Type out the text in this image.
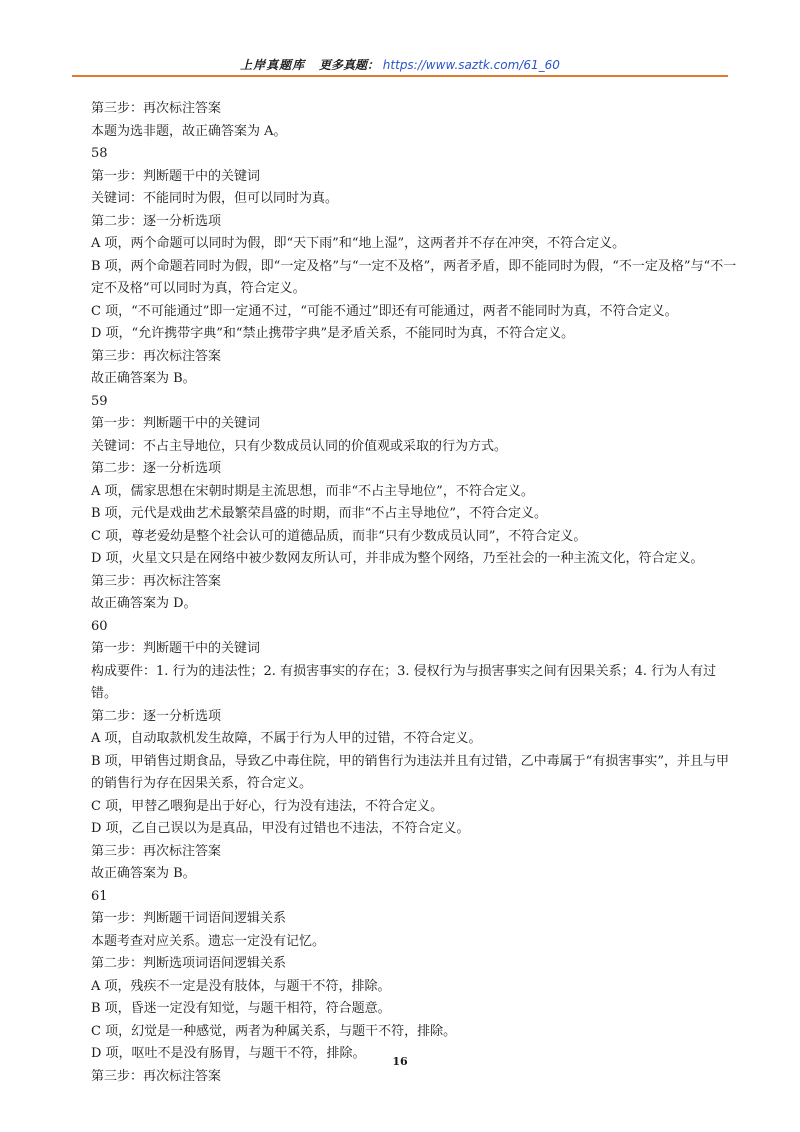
上岸真题库 更多真题： https://www.saztk.com/61_60
第三步：再次标注答案
本题为选非题，故正确答案为 A。
58
第一步：判断题干中的关键词
关键词：不能同时为假，但可以同时为真。
第二步：逐一分析选项
A 项，两个命题可以同时为假，即“天下雨”和“地上湿”，这两者并不存在冲突，不符合定义。
B 项，两个命题若同时为假，即“一定及格”与“一定不及格”，两者矛盾，即不能同时为假，“不一定及格”与“不一定不及格”可以同时为真，符合定义。
C 项，“不可能通过”即一定通不过，“可能不通过”即还有可能通过，两者不能同时为真，不符合定义。
D 项，“允许携带字典”和“禁止携带字典”是矛盾关系，不能同时为真，不符合定义。
第三步：再次标注答案
故正确答案为 B。
59
第一步：判断题干中的关键词
关键词：不占主导地位，只有少数成员认同的价值观或采取的行为方式。
第二步：逐一分析选项
A 项，儒家思想在宋朝时期是主流思想，而非“不占主导地位”，不符合定义。
B 项，元代是戏曲艺术最繁荣昌盛的时期，而非“不占主导地位”，不符合定义。
C 项，尊老爱幼是整个社会认可的道德品质，而非“只有少数成员认同”，不符合定义。
D 项，火星文只是在网络中被少数网友所认可，并非成为整个网络，乃至社会的一种主流文化，符合定义。
第三步：再次标注答案
故正确答案为 D。
60
第一步：判断题干中的关键词
构成要件：1. 行为的违法性；2. 有损害事实的存在；3. 侵权行为与损害事实之间有因果关系；4. 行为人有过错。
第二步：逐一分析选项
A 项，自动取款机发生故障，不属于行为人甲的过错，不符合定义。
B 项，甲销售过期食品，导致乙中毒住院，甲的销售行为违法并且有过错，乙中毒属于“有损害事实”，并且与甲的销售行为存在因果关系，符合定义。
C 项，甲替乙喂狗是出于好心，行为没有违法，不符合定义。
D 项，乙自己误以为是真品，甲没有过错也不违法，不符合定义。
第三步：再次标注答案
故正确答案为 B。
61
第一步：判断题干词语间逻辑关系
本题考查对应关系。遗忘一定没有记忆。
第二步：判断选项词语间逻辑关系
A 项，残疾不一定是没有肢体，与题干不符，排除。
B 项，昏迷一定没有知觉，与题干相符，符合题意。
C 项，幻觉是一种感觉，两者为种属关系，与题干不符，排除。
D 项，呕吐不是没有肠胃，与题干不符，排除。
第三步：再次标注答案
16
